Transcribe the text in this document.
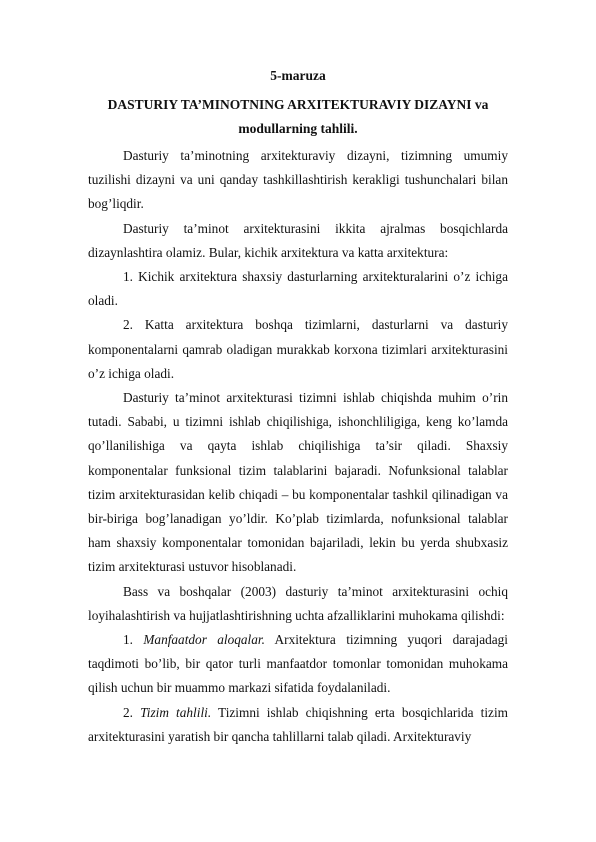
5-maruza

DASTURIY TA’MINOTNING ARXITEKTURAVIY DIZAYNI va

modullarning tahlili.

Dasturiy ta’minotning arxitekturaviy dizayni, tizimning umumiy tuzilishi dizayni va uni qanday tashkillashtirish kerakligi tushunchalari bilan bog’liqdir.

Dasturiy ta’minot arxitekturasini ikkita ajralmas bosqichlarda dizaynlashtira olamiz. Bular, kichik arxitektura va katta arxitektura:

1. Kichik arxitektura shaxsiy dasturlarning arxitekturalarini o’z ichiga oladi.

2. Katta arxitektura boshqa tizimlarni, dasturlarni va dasturiy komponentalarni qamrab oladigan murakkab korxona tizimlari arxitekturasini o’z ichiga oladi.

Dasturiy ta’minot arxitekturasi tizimni ishlab chiqishda muhim o’rin tutadi. Sababi, u tizimni ishlab chiqilishiga, ishonchliligiga, keng ko’lamda qo’llanilishiga va qayta ishlab chiqilishiga ta’sir qiladi. Shaxsiy komponentalar funksional tizim talablarini bajaradi. Nofunksional talablar tizim arxitekturasidan kelib chiqadi – bu komponentalar tashkil qilinadigan va bir-biriga bog’lanadigan yo’ldir. Ko’plab tizimlarda, nofunksional talablar ham shaxsiy komponentalar tomonidan bajariladi, lekin bu yerda shubxasiz tizim arxitekturasi ustuvor hisoblanadi.

Bass va boshqalar (2003) dasturiy ta’minot arxitekturasini ochiq loyihalashtirish va hujjatlashtirishning uchta afzalliklarini muhokama qilishdi:

1. Manfaatdor aloqalar. Arxitektura tizimning yuqori darajadagi taqdimoti bo’lib, bir qator turli manfaatdor tomonlar tomonidan muhokama qilish uchun bir muammo markazi sifatida foydalaniladi.

2. Tizim tahlili. Tizimni ishlab chiqishning erta bosqichlarida tizim arxitekturasini yaratish bir qancha tahlillarni talab qiladi. Arxitekturaviy
